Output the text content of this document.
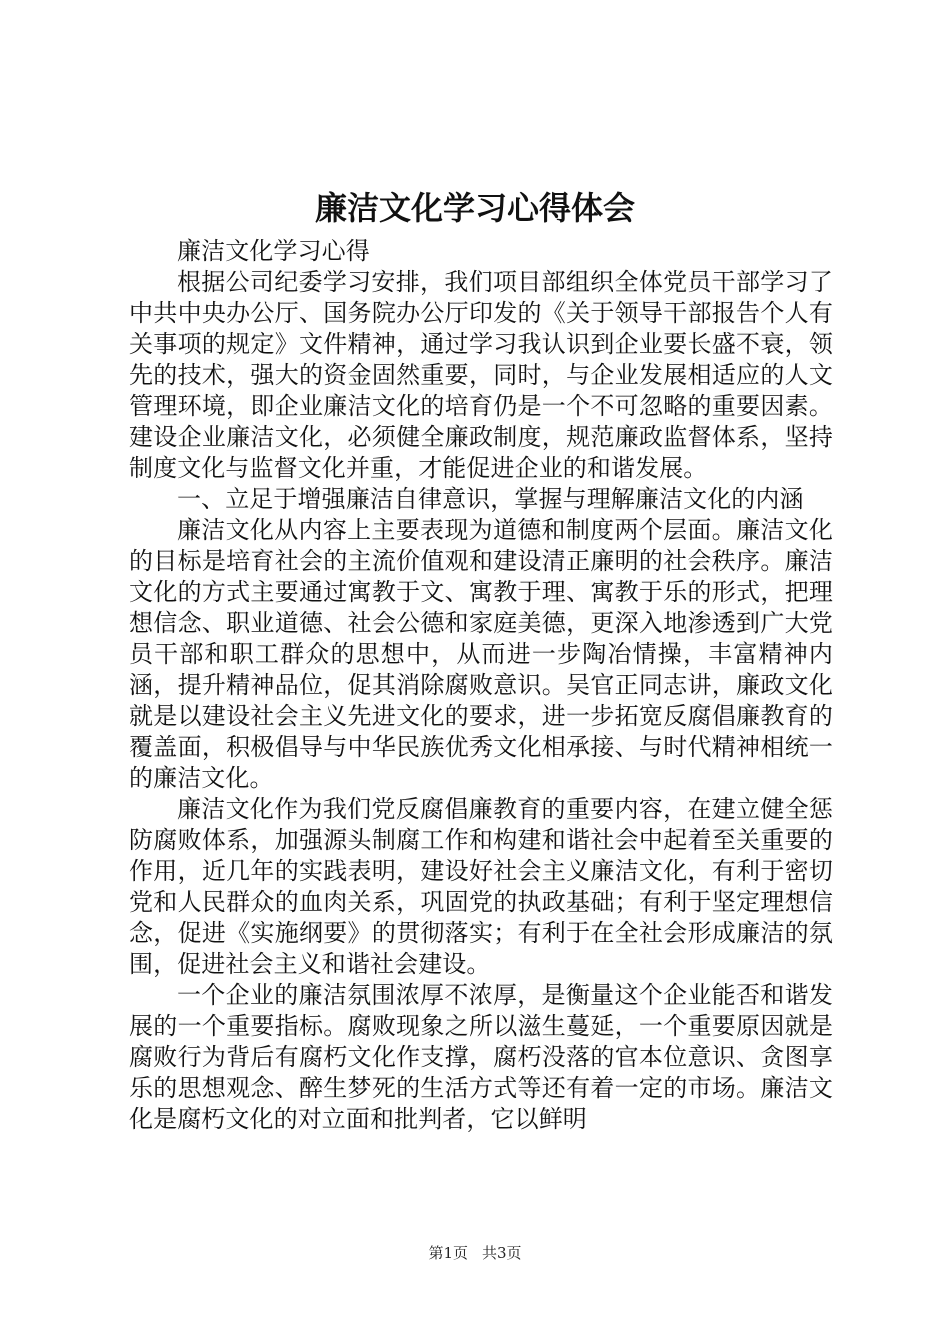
廉洁文化学习心得体会

廉洁文化学习心得

根据公司纪委学习安排，我们项目部组织全体党员干部学习了中共中央办公厅、国务院办公厅印发的《关于领导干部报告个人有关事项的规定》文件精神，通过学习我认识到企业要长盛不衰，领先的技术，强大的资金固然重要，同时，与企业发展相适应的人文管理环境，即企业廉洁文化的培育仍是一个不可忽略的重要因素。建设企业廉洁文化，必须健全廉政制度，规范廉政监督体系，坚持制度文化与监督文化并重，才能促进企业的和谐发展。

一、立足于增强廉洁自律意识，掌握与理解廉洁文化的内涵

廉洁文化从内容上主要表现为道德和制度两个层面。廉洁文化的目标是培育社会的主流价值观和建设清正廉明的社会秩序。廉洁文化的方式主要通过寓教于文、寓教于理、寓教于乐的形式，把理想信念、职业道德、社会公德和家庭美德，更深入地渗透到广大党员干部和职工群众的思想中，从而进一步陶冶情操，丰富精神内涵，提升精神品位，促其消除腐败意识。吴官正同志讲，廉政文化就是以建设社会主义先进文化的要求，进一步拓宽反腐倡廉教育的覆盖面，积极倡导与中华民族优秀文化相承接、与时代精神相统一的廉洁文化。

廉洁文化作为我们党反腐倡廉教育的重要内容，在建立健全惩防腐败体系，加强源头制腐工作和构建和谐社会中起着至关重要的作用，近几年的实践表明，建设好社会主义廉洁文化，有利于密切党和人民群众的血肉关系，巩固党的执政基础；有利于坚定理想信念，促进《实施纲要》的贯彻落实；有利于在全社会形成廉洁的氛围，促进社会主义和谐社会建设。

一个企业的廉洁氛围浓厚不浓厚，是衡量这个企业能否和谐发展的一个重要指标。腐败现象之所以滋生蔓延，一个重要原因就是腐败行为背后有腐朽文化作支撑，腐朽没落的官本位意识、贪图享乐的思想观念、醉生梦死的生活方式等还有着一定的市场。廉洁文化是腐朽文化的对立面和批判者，它以鲜明

第1页 共3页
